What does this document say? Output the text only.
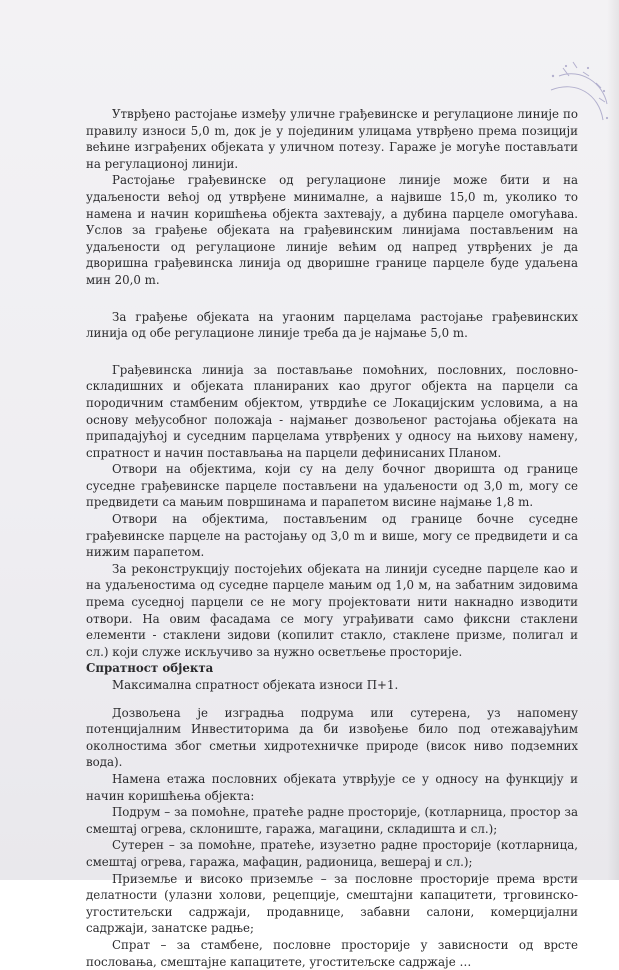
Утврђено растојање између уличне грађевинске и регулационе линије по правилу износи 5,0 m, док је у појединим улицама утврђено према позицији већине изграђених објеката у уличном потезу. Гараже је могуће постављати на регулационој линији.

Растојање грађевинске од регулационе линије може бити и на удаљености већој од утврђене минималне, а највише 15,0 m, уколико то намена и начин коришћења објекта захтевају, а дубина парцеле омогућава. Услов за грађење објеката на грађевинским линијама постављеним на удаљености од регулационе линије већим од напред утврђених је да дворишна грађевинска линија од дворишне границе парцеле буде удаљена мин 20,0 m.

За грађење објеката на угаоним парцелама растојање грађевинских линија од обе регулационе линије треба да је најмање 5,0 m.

Грађевинска линија за постављање помоћних, пословних, пословно-складишних и објеката планираних као другог објекта на парцели са породичним стамбеним објектом, утврдиће се Локацијским условима, а на основу међусобног положаја - најмањег дозвољеног растојања објеката на припадајућој и суседним парцелама утврђених у односу на њихову намену, спратност и начин постављања на парцели дефинисаних Планом.

Отвори на објектима, који су на делу бочног дворишта од границе суседне грађевинске парцеле постављени на удаљености од 3,0 m, могу се предвидети са мањим површинама и парапетом висине најмање 1,8 m.

Отвори на објектима, постављеним од границе бочне суседне грађевинске парцеле на растојању од 3,0 m и више, могу се предвидети и са нижим парапетом.

За реконструкцију постојећих објеката на линији суседне парцеле као и на удаљеностима од суседне парцеле мањим од 1,0 м, на забатним зидовима према суседној парцели се не могу пројектовати нити накнадно изводити отвори. На овим фасадама се могу уграђивати само фиксни стаклени елементи - стаклени зидови (копилит стакло, стаклене призме, полигал и сл.) који служе искључиво за нужно осветљење просторије.

Спратност објекта

Максимална спратност објеката износи П+1.

Дозвољена је изградња подрума или сутерена, уз напомену потенцијалним Инвеститорима да би извођење било под отежавајућим околностима због сметњи хидротехничке природе (висок ниво подземних вода).

Намена етажа пословних објеката утврђује се у односу на функцију и начин коришћења објекта:

Подрум – за помоћне, пратеће радне просторије, (котларница, простор за смештај огрева, склоништe, гаража, магацини, складишта и сл.);

Сутерен – за помоћне, пратеће, изузетно радне просторије (котларница, смештај огрева, гаража, мафацин, радионица, вешерај и сл.);

Приземље и високо приземље – за пословне просторије према врсти делатности (улазни холови, рецепције, смештајни капацитети, трговинско-угоститељски садржаји, продавнице, забавни салони, комерцијални садржаји, занатске радње;

Спрат – за стамбене, пословне просторије у зависности од врсте пословања, смештајне капацитете, угоститељске садржаје …
